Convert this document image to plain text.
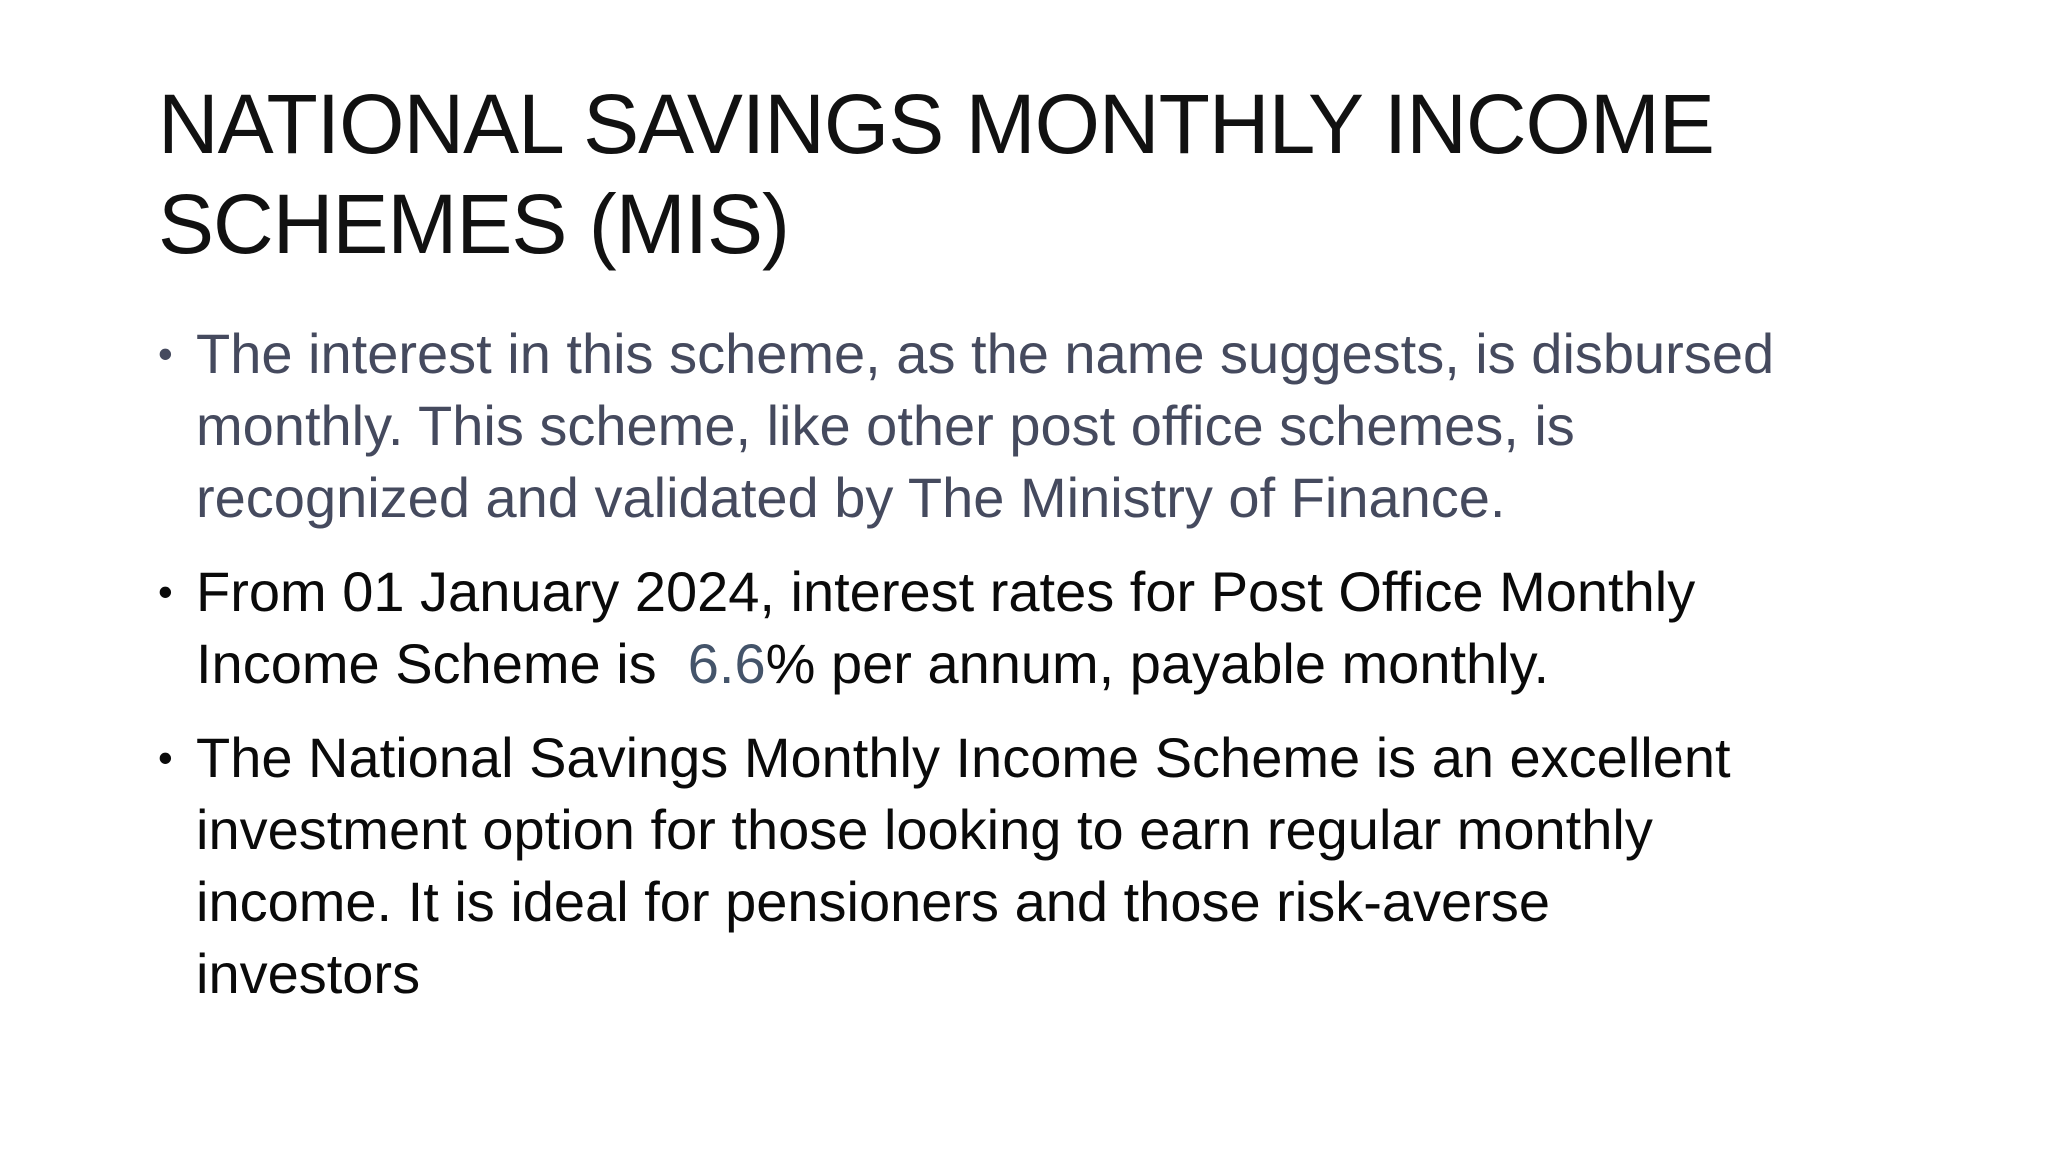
NATIONAL SAVINGS MONTHLY INCOME
SCHEMES (MIS)
• The interest in this scheme, as the name suggests, is disbursed
monthly. This scheme, like other post office schemes, is
recognized and validated by The Ministry of Finance.
• From 01 January 2024, interest rates for Post Office Monthly
Income Scheme is  6.6% per annum, payable monthly.
• The National Savings Monthly Income Scheme is an excellent
investment option for those looking to earn regular monthly
income. It is ideal for pensioners and those risk-averse
investors
